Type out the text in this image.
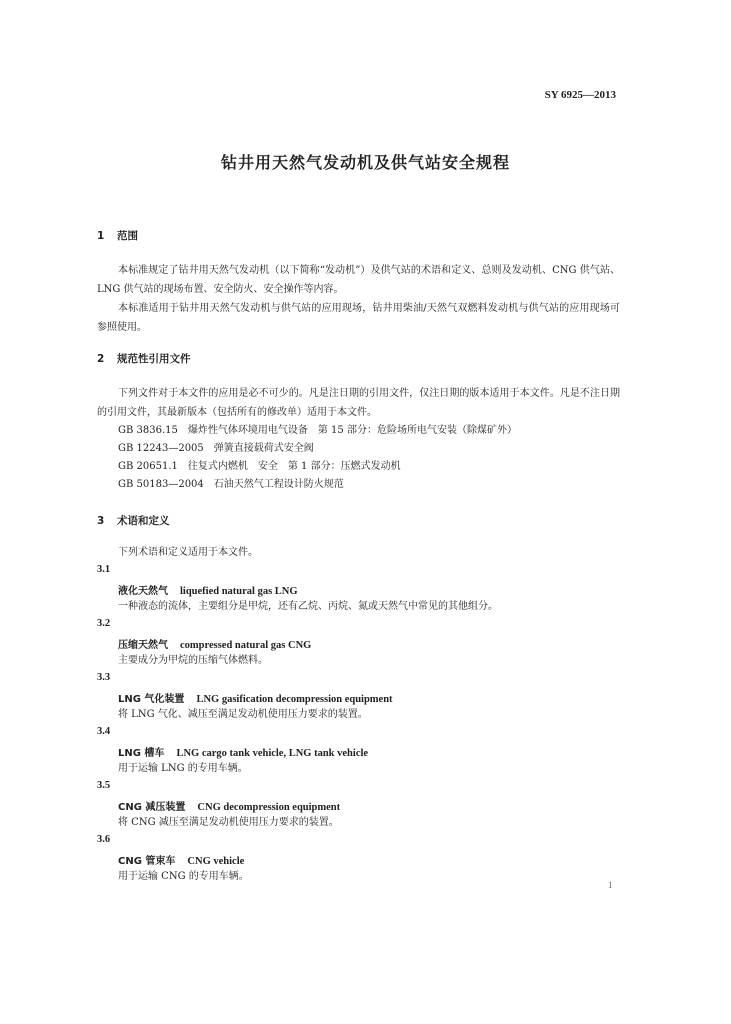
SY 6925—2013
钻井用天然气发动机及供气站安全规程
1 范围

本标准规定了钻井用天然气发动机（以下简称“发动机”）及供气站的术语和定义、总则及发动机、CNG 供气站、LNG 供气站的现场布置、安全防火、安全操作等内容。

本标准适用于钻井用天然气发动机与供气站的应用现场，钻井用柴油/天然气双燃料发动机与供气站的应用现场可参照使用。

2 规范性引用文件

下列文件对于本文件的应用是必不可少的。凡是注日期的引用文件，仅注日期的版本适用于本文件。凡是不注日期的引用文件，其最新版本（包括所有的修改单）适用于本文件。

GB 3836.15　爆炸性气体环境用电气设备　第 15 部分：危险场所电气安装（除煤矿外）
GB 12243—2005　弹簧直接载荷式安全阀
GB 20651.1　往复式内燃机　安全　第 1 部分：压燃式发动机
GB 50183—2004　石油天然气工程设计防火规范
3 术语和定义
下列术语和定义适用于本文件。
3.1
液化天然气 liquefied natural gas LNG
一种液态的流体，主要组分是甲烷，还有乙烷、丙烷、氮或天然气中常见的其他组分。
3.2
压缩天然气 compressed natural gas CNG
主要成分为甲烷的压缩气体燃料。
3.3
LNG 气化装置 LNG gasification decompression equipment
将 LNG 气化、减压至满足发动机使用压力要求的装置。
3.4
LNG 槽车 LNG cargo tank vehicle, LNG tank vehicle
用于运输 LNG 的专用车辆。
3.5
CNG 减压装置 CNG decompression equipment
将 CNG 减压至满足发动机使用压力要求的装置。
3.6
CNG 管束车 CNG vehicle
用于运输 CNG 的专用车辆。
1
